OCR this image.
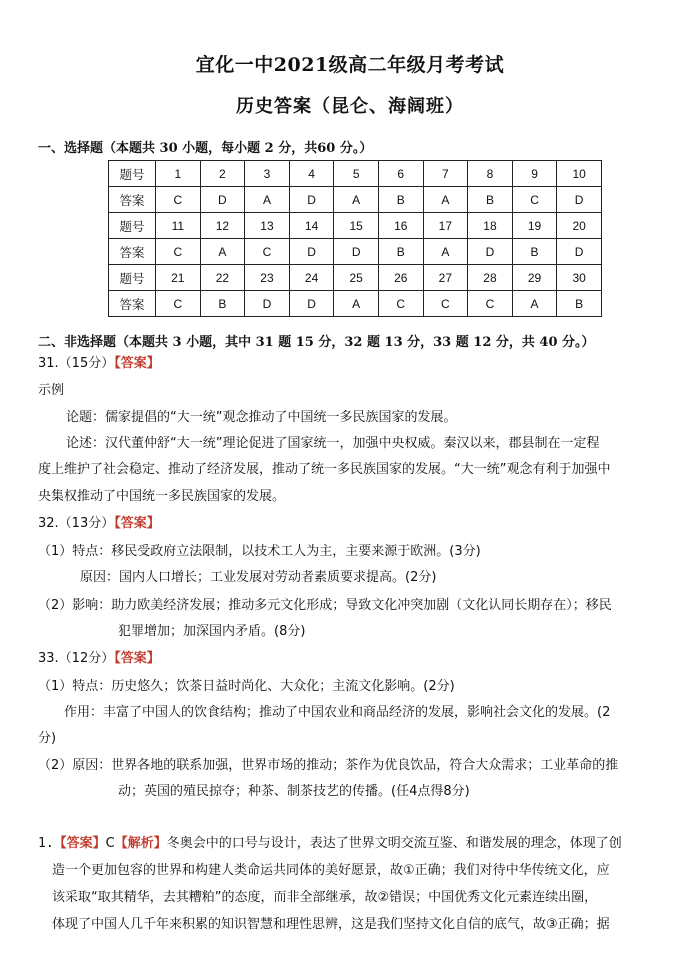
宜化一中2021级高二年级月考考试
历史答案（昆仑、海阔班）
一、选择题（本题共 30 小题，每小题 2 分，共60 分。）
题号	1	2	3	4	5	6	7	8	9	10
答案	C	D	A	D	A	B	A	B	C	D
题号	11	12	13	14	15	16	17	18	19	20
答案	C	A	C	D	D	B	A	D	B	D
题号	21	22	23	24	25	26	27	28	29	30
答案	C	B	D	D	A	C	C	C	A	B
二、非选择题（本题共 3 小题，其中 31 题 15 分，32 题 13 分，33 题 12 分，共 40 分。）
31.（15分）【答案】
示例
论题：儒家提倡的“大一统”观念推动了中国统一多民族国家的发展。
论述：汉代董仲舒“大一统”理论促进了国家统一，加强中央权威。秦汉以来，郡县制在一定程
度上维护了社会稳定、推动了经济发展，推动了统一多民族国家的发展。“大一统”观念有利于加强中
央集权推动了中国统一多民族国家的发展。
32.（13分）【答案】
（1）特点：移民受政府立法限制，以技术工人为主，主要来源于欧洲。(3分)
原因：国内人口增长；工业发展对劳动者素质要求提高。(2分)
（2）影响：助力欧美经济发展；推动多元文化形成；导致文化冲突加剧（文化认同长期存在）；移民
犯罪增加；加深国内矛盾。(8分)
33.（12分）【答案】
（1）特点：历史悠久；饮茶日益时尚化、大众化；主流文化影响。(2分)
作用：丰富了中国人的饮食结构；推动了中国农业和商品经济的发展，影响社会文化的发展。(2
分)
（2）原因：世界各地的联系加强，世界市场的推动；茶作为优良饮品，符合大众需求；工业革命的推
动；英国的殖民掠夺；种茶、制茶技艺的传播。(任4点得8分)
1.【答案】C【解析】冬奥会中的口号与设计，表达了世界文明交流互鉴、和谐发展的理念，体现了创
造一个更加包容的世界和构建人类命运共同体的美好愿景，故①正确；我们对待中华传统文化，应
该采取“取其精华，去其糟粕”的态度，而非全部继承，故②错误；中国优秀文化元素连续出圈，
体现了中国人几千年来积累的知识智慧和理性思辨，这是我们坚持文化自信的底气，故③正确；据
